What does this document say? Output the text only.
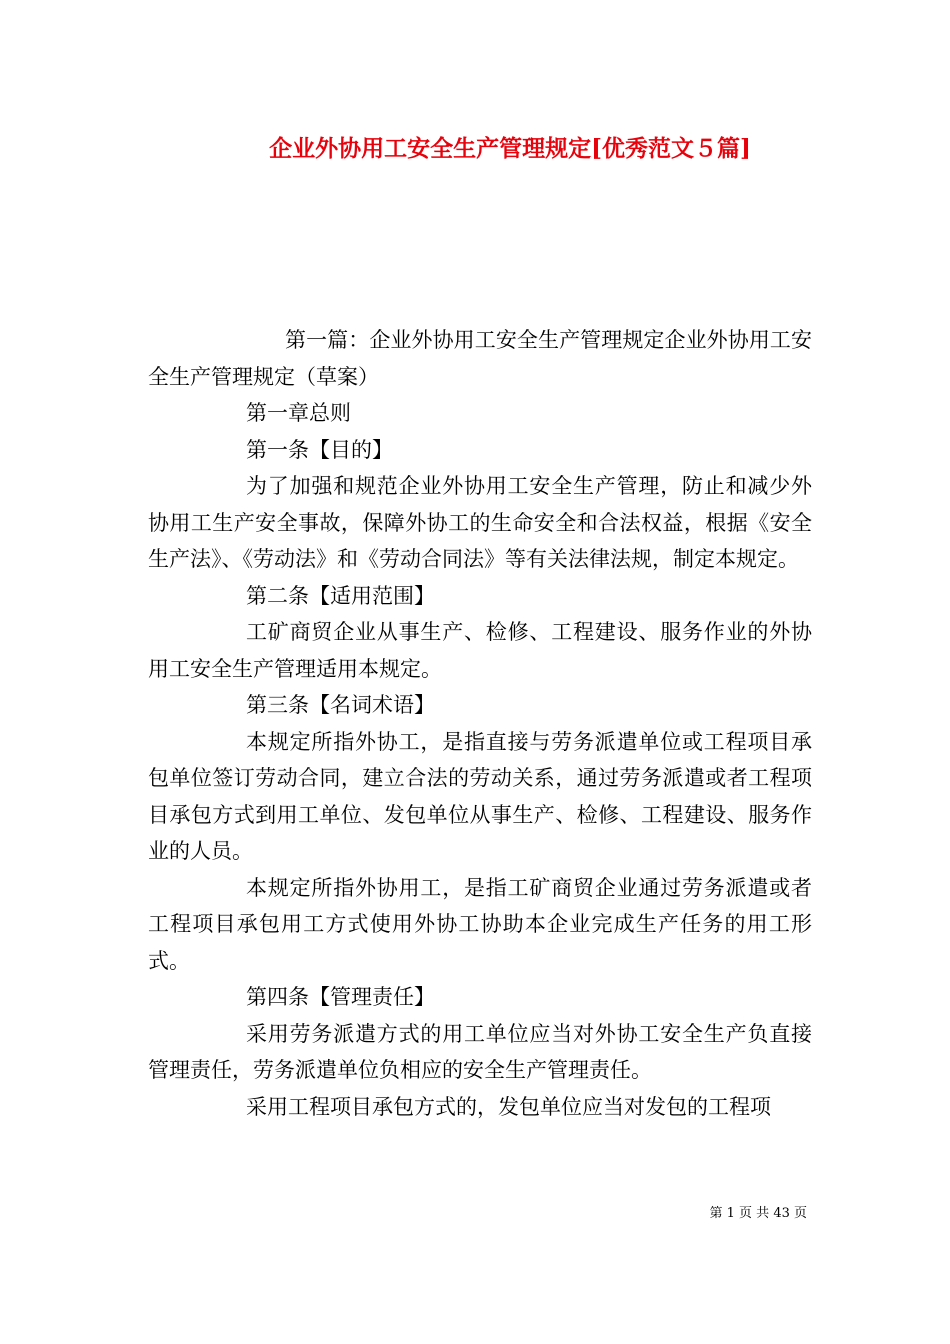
企业外协用工安全生产管理规定[优秀范文５篇]

第一篇：企业外协用工安全生产管理规定企业外协用工安全生产管理规定（草案）

第一章总则

第一条【目的】

为了加强和规范企业外协用工安全生产管理，防止和减少外协用工生产安全事故，保障外协工的生命安全和合法权益，根据《安全生产法》、《劳动法》和《劳动合同法》等有关法律法规，制定本规定。

第二条【适用范围】

工矿商贸企业从事生产、检修、工程建设、服务作业的外协用工安全生产管理适用本规定。

第三条【名词术语】

本规定所指外协工，是指直接与劳务派遣单位或工程项目承包单位签订劳动合同，建立合法的劳动关系，通过劳务派遣或者工程项目承包方式到用工单位、发包单位从事生产、检修、工程建设、服务作业的人员。

本规定所指外协用工，是指工矿商贸企业通过劳务派遣或者工程项目承包用工方式使用外协工协助本企业完成生产任务的用工形式。

第四条【管理责任】

采用劳务派遣方式的用工单位应当对外协工安全生产负直接管理责任，劳务派遣单位负相应的安全生产管理责任。

采用工程项目承包方式的，发包单位应当对发包的工程项

第 1 页 共 43 页
